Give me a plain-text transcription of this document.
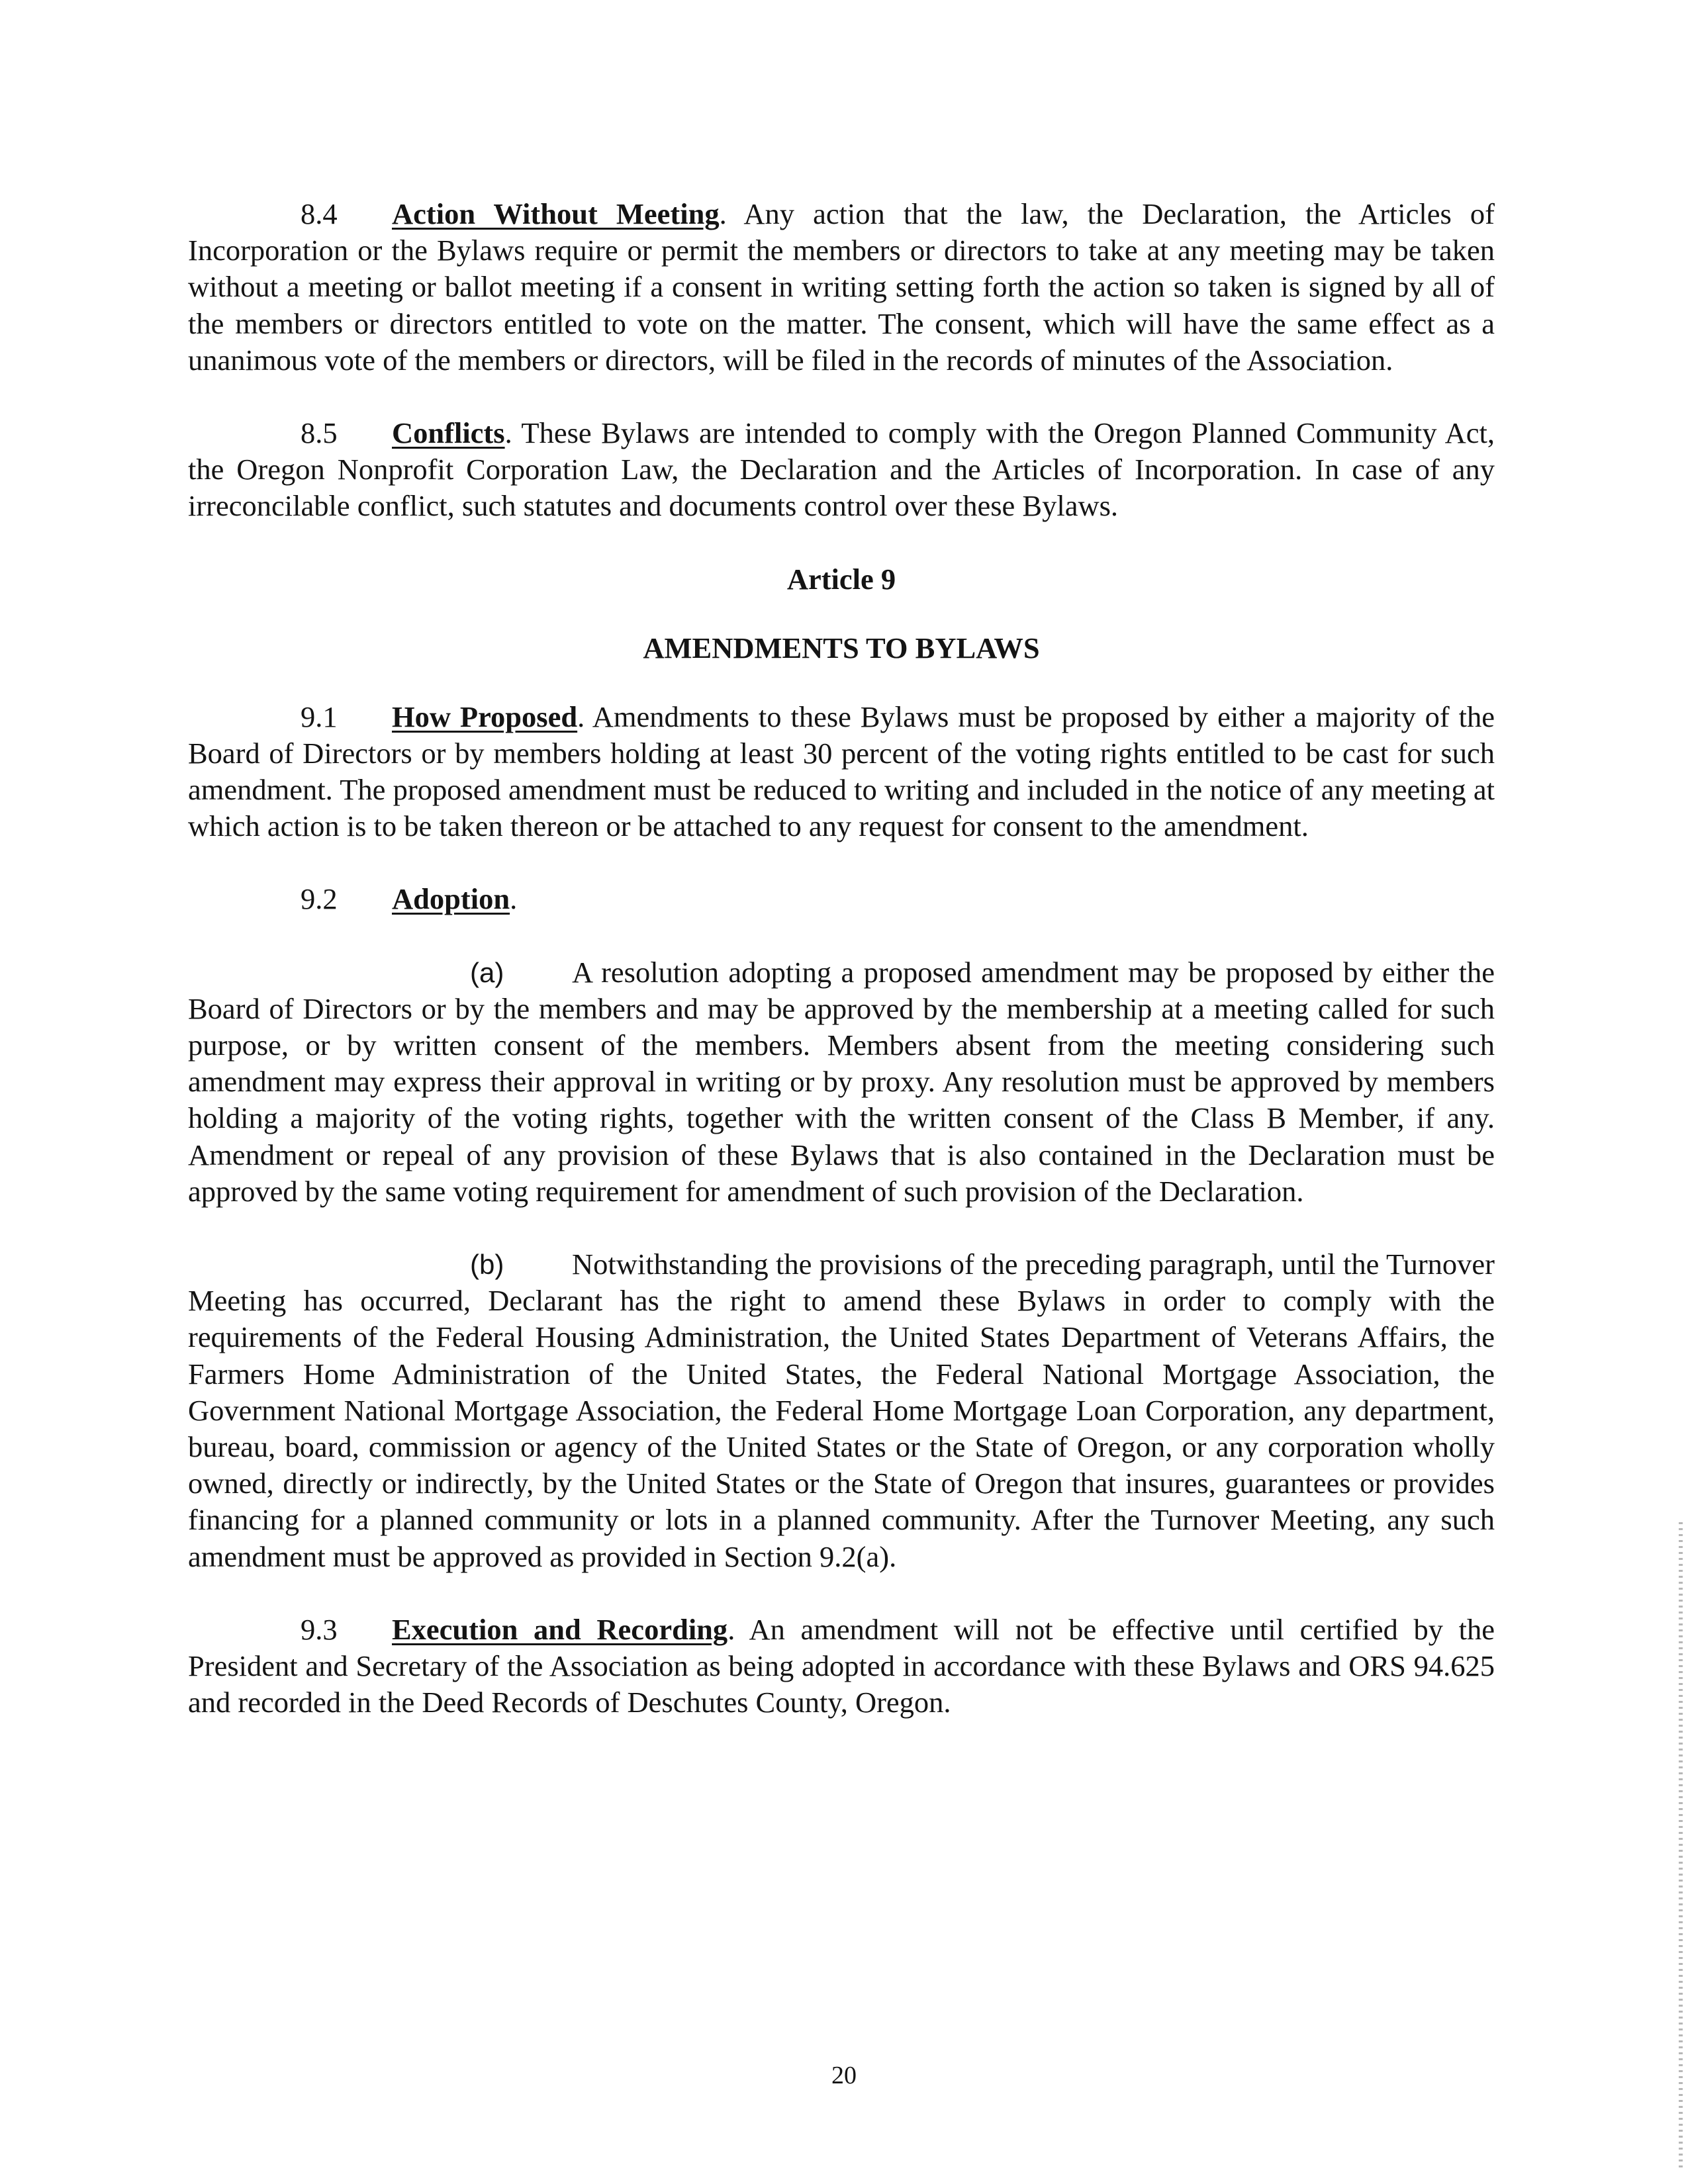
8.4 Action Without Meeting. Any action that the law, the Declaration, the Articles of Incorporation or the Bylaws require or permit the members or directors to take at any meeting may be taken without a meeting or ballot meeting if a consent in writing setting forth the action so taken is signed by all of the members or directors entitled to vote on the matter. The consent, which will have the same effect as a unanimous vote of the members or directors, will be filed in the records of minutes of the Association.

8.5 Conflicts. These Bylaws are intended to comply with the Oregon Planned Community Act, the Oregon Nonprofit Corporation Law, the Declaration and the Articles of Incorporation. In case of any irreconcilable conflict, such statutes and documents control over these Bylaws.

Article 9

AMENDMENTS TO BYLAWS

9.1 How Proposed. Amendments to these Bylaws must be proposed by either a majority of the Board of Directors or by members holding at least 30 percent of the voting rights entitled to be cast for such amendment. The proposed amendment must be reduced to writing and included in the notice of any meeting at which action is to be taken thereon or be attached to any request for consent to the amendment.

9.2 Adoption.

(a) A resolution adopting a proposed amendment may be proposed by either the Board of Directors or by the members and may be approved by the membership at a meeting called for such purpose, or by written consent of the members. Members absent from the meeting considering such amendment may express their approval in writing or by proxy. Any resolution must be approved by members holding a majority of the voting rights, together with the written consent of the Class B Member, if any. Amendment or repeal of any provision of these Bylaws that is also contained in the Declaration must be approved by the same voting requirement for amendment of such provision of the Declaration.

(b) Notwithstanding the provisions of the preceding paragraph, until the Turnover Meeting has occurred, Declarant has the right to amend these Bylaws in order to comply with the requirements of the Federal Housing Administration, the United States Department of Veterans Affairs, the Farmers Home Administration of the United States, the Federal National Mortgage Association, the Government National Mortgage Association, the Federal Home Mortgage Loan Corporation, any department, bureau, board, commission or agency of the United States or the State of Oregon, or any corporation wholly owned, directly or indirectly, by the United States or the State of Oregon that insures, guarantees or provides financing for a planned community or lots in a planned community. After the Turnover Meeting, any such amendment must be approved as provided in Section 9.2(a).

9.3 Execution and Recording. An amendment will not be effective until certified by the President and Secretary of the Association as being adopted in accordance with these Bylaws and ORS 94.625 and recorded in the Deed Records of Deschutes County, Oregon.

20
